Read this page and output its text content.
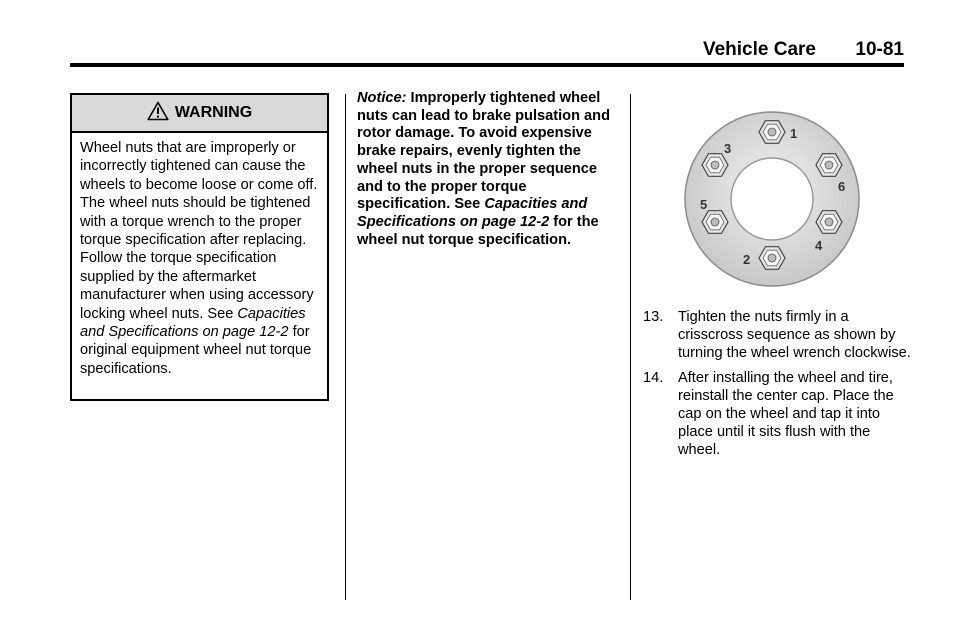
Vehicle Care 10-81
WARNING
Wheel nuts that are improperly or incorrectly tightened can cause the wheels to become loose or come off. The wheel nuts should be tightened with a torque wrench to the proper torque specification after replacing. Follow the torque specification supplied by the aftermarket manufacturer when using accessory locking wheel nuts. See Capacities and Specifications on page 12-2 for original equipment wheel nut torque specifications.
Notice: Improperly tightened wheel nuts can lead to brake pulsation and rotor damage. To avoid expensive brake repairs, evenly tighten the wheel nuts in the proper sequence and to the proper torque specification. See Capacities and Specifications on page 12-2 for the wheel nut torque specification.
1
2
3
4
5
6
13.	Tighten the nuts firmly in a crisscross sequence as shown by turning the wheel wrench clockwise.
14.	After installing the wheel and tire, reinstall the center cap. Place the cap on the wheel and tap it into place until it sits flush with the wheel.
